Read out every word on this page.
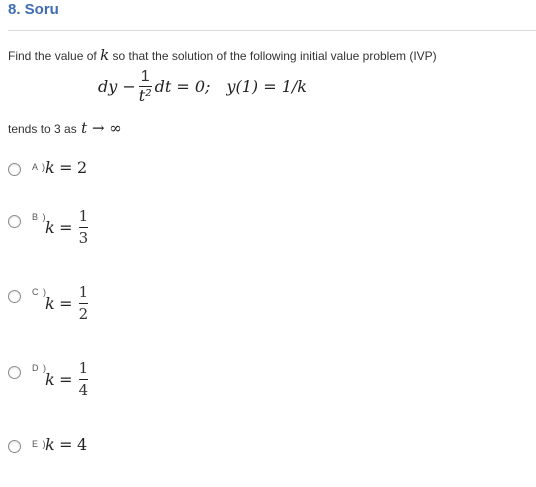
8. Soru
Find the value of k so that the solution of the following initial value problem (IVP)
dy − $\frac{1}{\text{t²}}$ dt = 0; y(1) = 1/k
tends to 3 as t → ∞
A )
k
=
2
B )
k
= $\frac{1}{3}$
C )
k
= $\frac{1}{2}$
D )
k
= $\frac{1}{4}$
E )
k
=
4
